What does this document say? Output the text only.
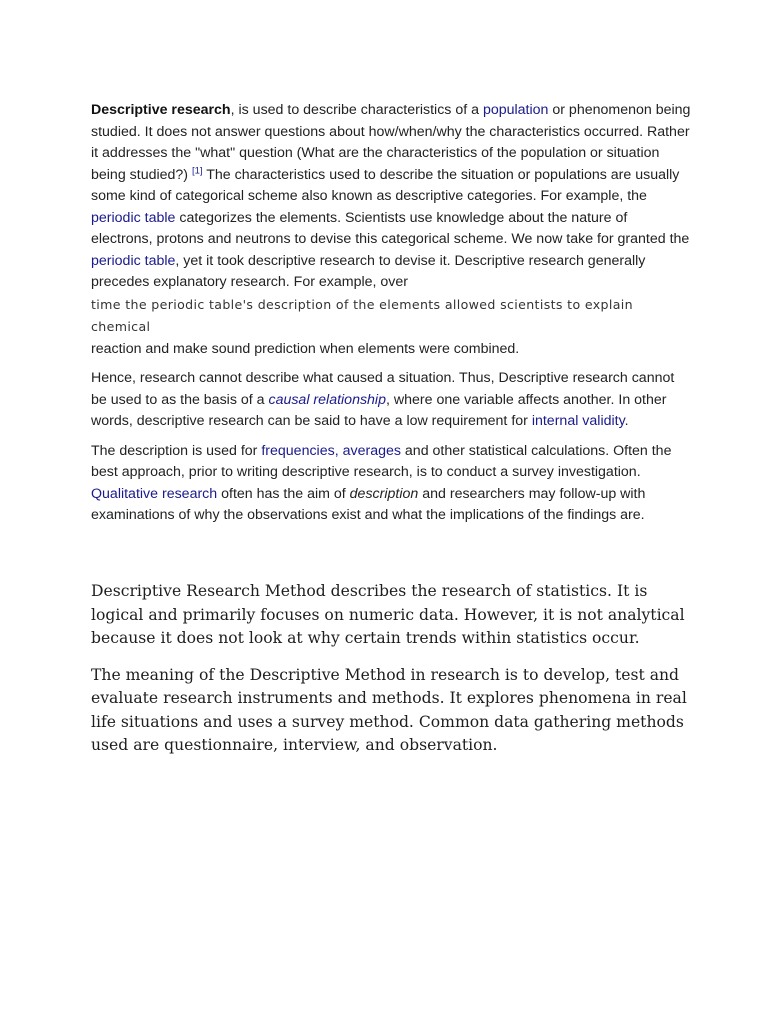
Descriptive research, is used to describe characteristics of a population or phenomenon being studied. It does not answer questions about how/when/why the characteristics occurred. Rather it addresses the "what" question (What are the characteristics of the population or situation being studied?) [1] The characteristics used to describe the situation or populations are usually some kind of categorical scheme also known as descriptive categories. For example, the periodic table categorizes the elements. Scientists use knowledge about the nature of electrons, protons and neutrons to devise this categorical scheme. We now take for granted the periodic table, yet it took descriptive research to devise it. Descriptive research generally precedes explanatory research. For example, over
time the periodic table's description of the elements allowed scientists to explain chemical
reaction and make sound prediction when elements were combined.

Hence, research cannot describe what caused a situation. Thus, Descriptive research cannot be used to as the basis of a causal relationship, where one variable affects another. In other words, descriptive research can be said to have a low requirement for internal validity.

The description is used for frequencies, averages and other statistical calculations. Often the best approach, prior to writing descriptive research, is to conduct a survey investigation. Qualitative research often has the aim of description and researchers may follow-up with examinations of why the observations exist and what the implications of the findings are.

Descriptive Research Method describes the research of statistics. It is logical and primarily focuses on numeric data. However, it is not analytical because it does not look at why certain trends within statistics occur.

The meaning of the Descriptive Method in research is to develop, test and evaluate research instruments and methods. It explores phenomena in real life situations and uses a survey method. Common data gathering methods used are questionnaire, interview, and observation.
